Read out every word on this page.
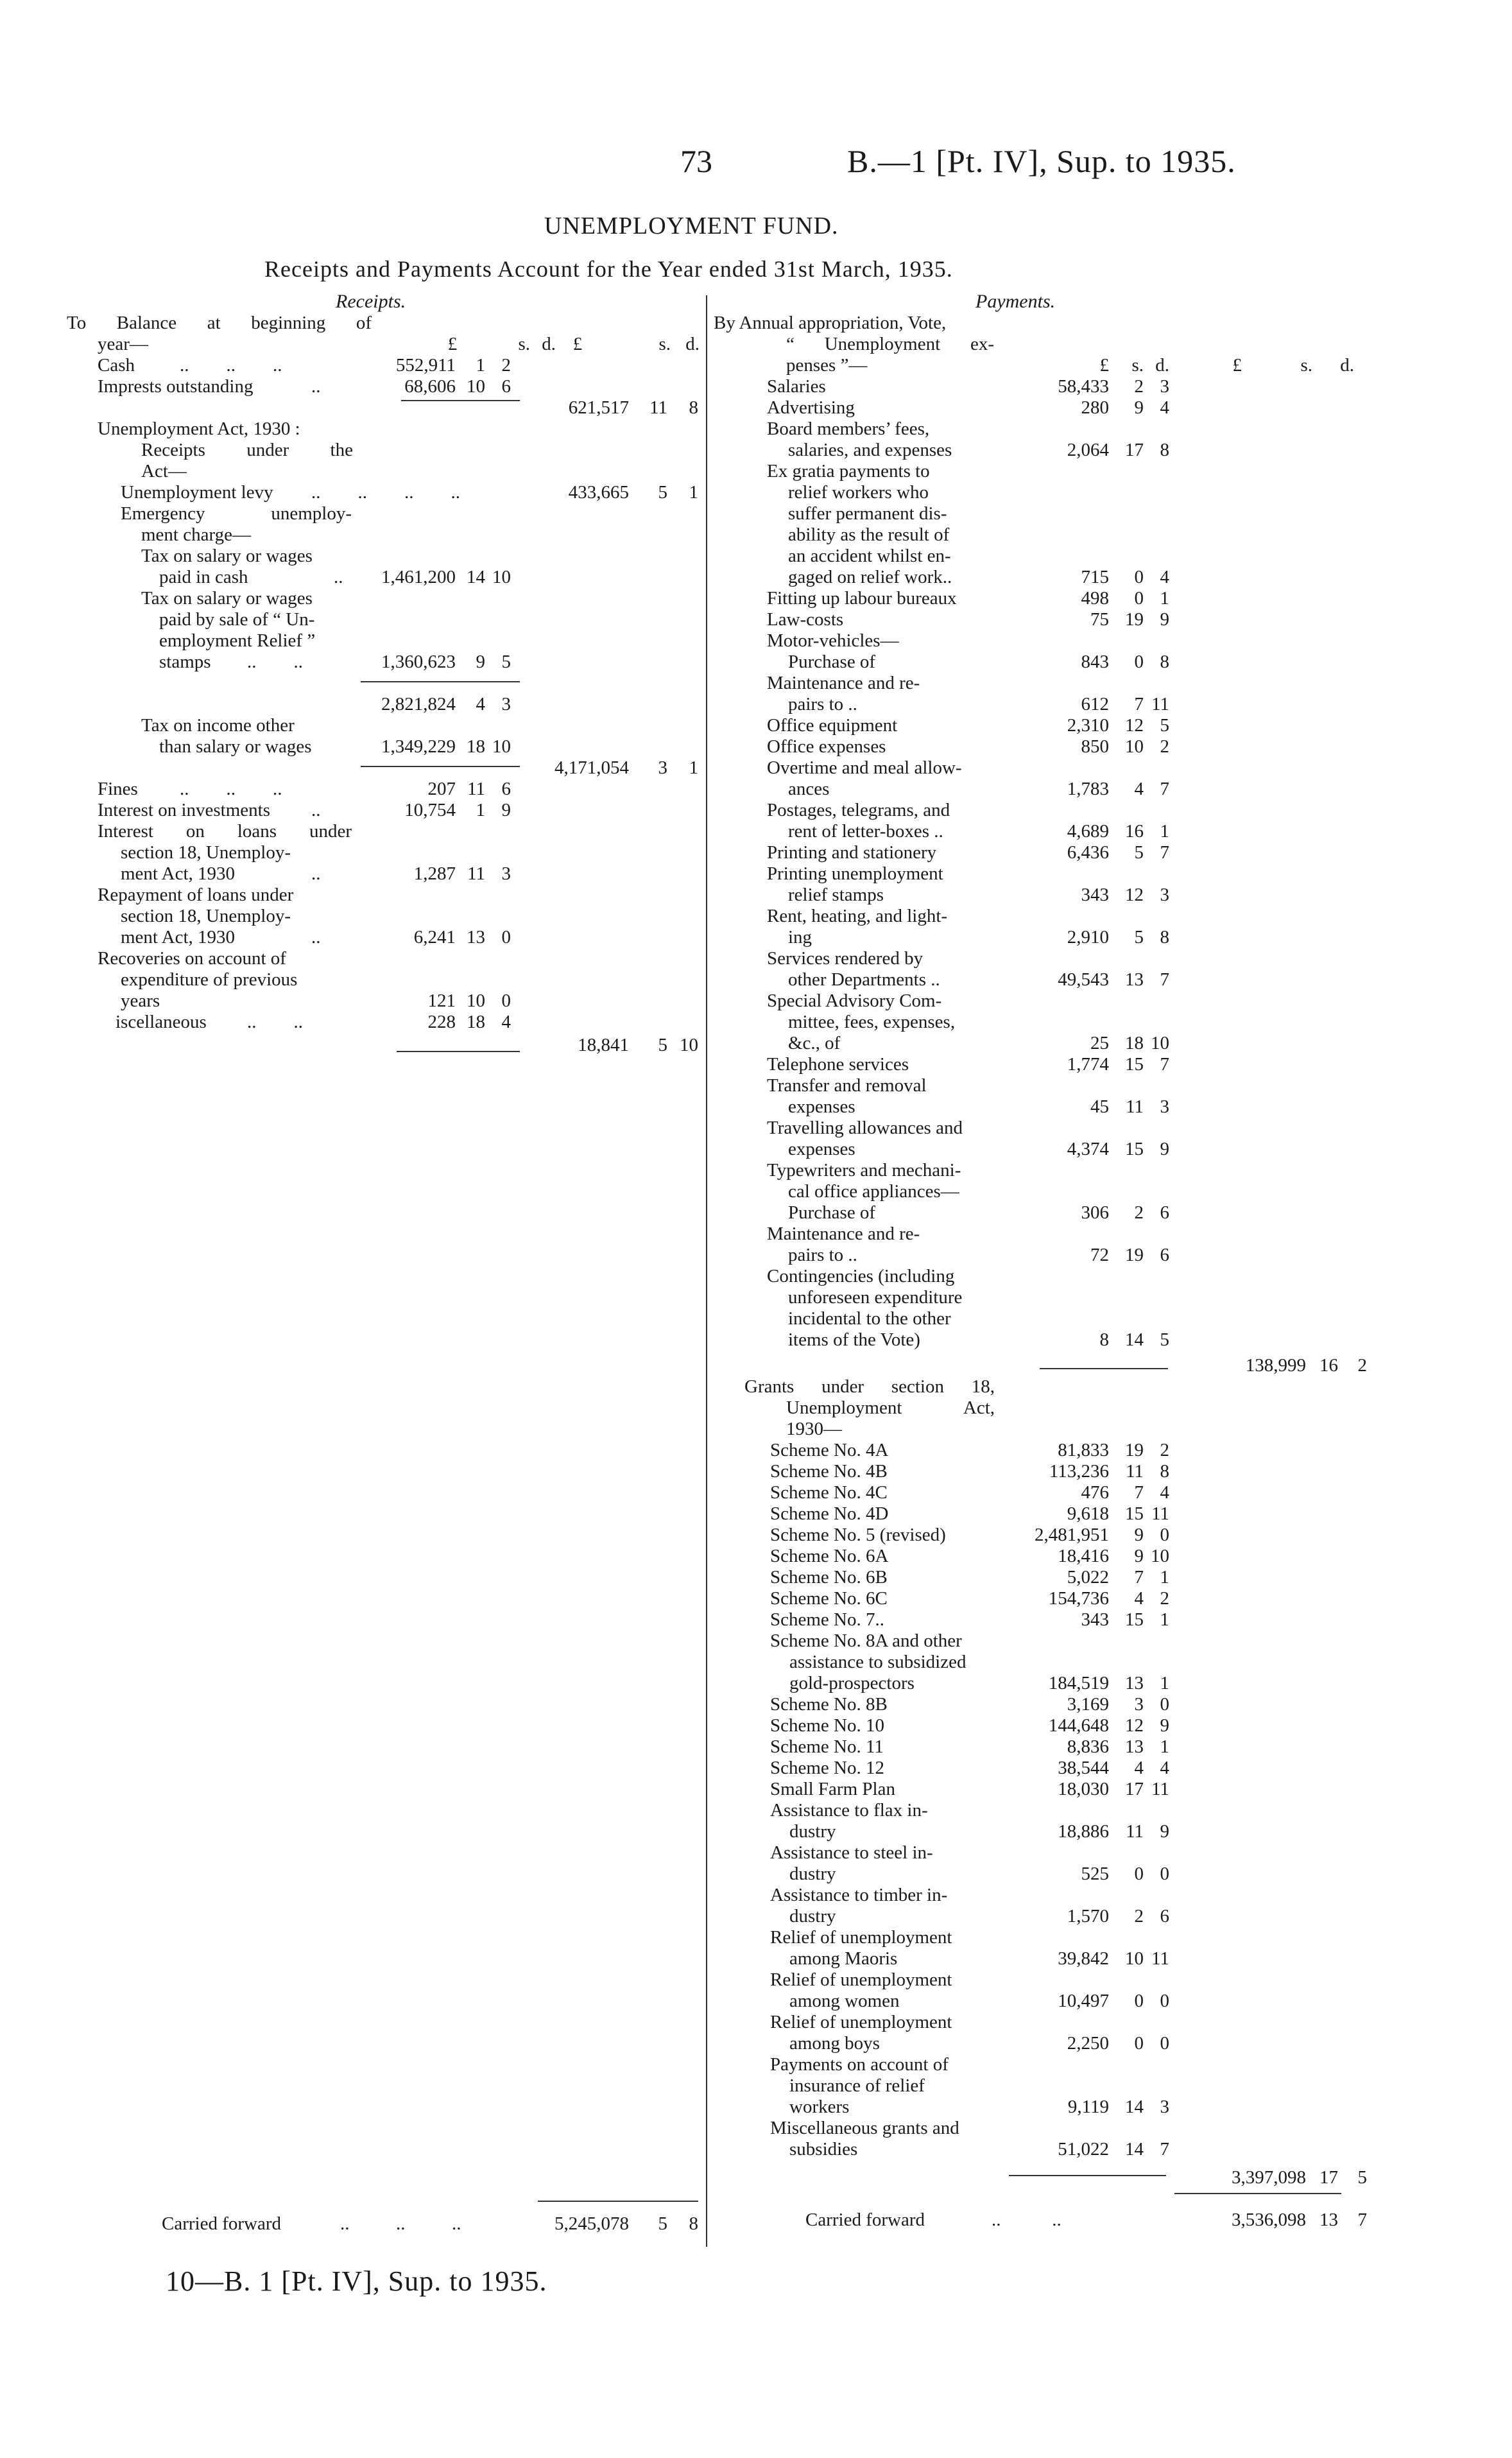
73	B.—1 [Pt. IV], Sup. to 1935.
UNEMPLOYMENT FUND.
Receipts and Payments Account for the Year ended 31st March, 1935.
Receipts.	Payments.
To Balance at beginning of
year—	£	s. d. £	s. d.
Cash ..        ..        ..	552,911	1 2
Imprests outstanding	..	68,606 10 6
621,517	11	8
Unemployment Act, 1930 :
Receipts under the
Act—
Unemployment levy ..        ..        ..        ..	433,665	5	1
Emergency unemploy-
ment charge—
Tax on salary or wages
paid in cash	..	1,461,200 14 10
Tax on salary or wages
paid by sale of “ Un-
employment Relief ”
stamps ..        ..	1,360,623	9 5
2,821,824	4 3
Tax on income other
than salary or wages	1,349,229 18 10
4,171,054	3	1
Fines ..        ..        ..	207 11 6
Interest on investments ..	10,754	1 9
Interest on loans under
section 18, Unemploy-
ment Act, 1930	..	1,287 11 3
Repayment of loans under
section 18, Unemploy-
ment Act, 1930	..	6,241 13 0
Recoveries on account of
expenditure of previous
years	121 10 0
iscellaneous ..        ..	228 18 4
18,841	5 10
Carried forward	..          ..          ..	5,245,078	5	8
By Annual appropriation, Vote,
“ Unemployment ex-
penses ”—	£	s. d.	£	s.	d.
Salaries	58,433	2 3
Advertising	280	9 4
Board members’ fees,
salaries, and expenses	2,064 17 8
Ex gratia payments to
relief workers who
suffer permanent dis-
ability as the result of
an accident whilst en-
gaged on relief work..	715	0 4
Fitting up labour bureaux	498	0 1
Law-costs	75 19 9
Motor-vehicles—
Purchase of	843	0 8
Maintenance and re-
pairs to ..	612	7 11
Office equipment	2,310 12 5
Office expenses	850 10 2
Overtime and meal allow-
ances	1,783	4 7
Postages, telegrams, and
rent of letter-boxes ..	4,689 16 1
Printing and stationery	6,436	5 7
Printing unemployment
relief stamps	343 12 3
Rent, heating, and light-
ing	2,910	5 8
Services rendered by
other Departments ..	49,543 13 7
Special Advisory Com-
mittee, fees, expenses,
&c., of	25 18 10
Telephone services	1,774 15 7
Transfer and removal
expenses	45 11 3
Travelling allowances and
expenses	4,374 15 9
Typewriters and mechani-
cal office appliances—
Purchase of	306	2 6
Maintenance and re-
pairs to ..	72 19 6
Contingencies (including
unforeseen expenditure
incidental to the other
items of the Vote)	8 14 5
138,999 16	2
Grants under section 18,
Unemployment Act,
1930—
Scheme No. 4A	81,833 19 2
Scheme No. 4B	113,236 11 8
Scheme No. 4C	476	7 4
Scheme No. 4D	9,618 15 11
Scheme No. 5 (revised)	2,481,951	9 0
Scheme No. 6A	18,416	9 10
Scheme No. 6B	5,022	7 1
Scheme No. 6C	154,736	4 2
Scheme No. 7..	343 15 1
Scheme No. 8A and other
assistance to subsidized
gold-prospectors	184,519 13 1
Scheme No. 8B	3,169	3 0
Scheme No. 10	144,648 12 9
Scheme No. 11	8,836 13 1
Scheme No. 12	38,544	4 4
Small Farm Plan	18,030 17 11
Assistance to flax in-
dustry	18,886 11 9
Assistance to steel in-
dustry	525	0 0
Assistance to timber in-
dustry	1,570	2 6
Relief of unemployment
among Maoris	39,842 10 11
Relief of unemployment
among women	10,497	0 0
Relief of unemployment
among boys	2,250	0 0
Payments on account of
insurance of relief
workers	9,119 14 3
Miscellaneous grants and
subsidies	51,022 14 7
3,397,098 17	5
Carried forward	..           ..	3,536,098 13	7
10—B. 1 [Pt. IV], Sup. to 1935.
